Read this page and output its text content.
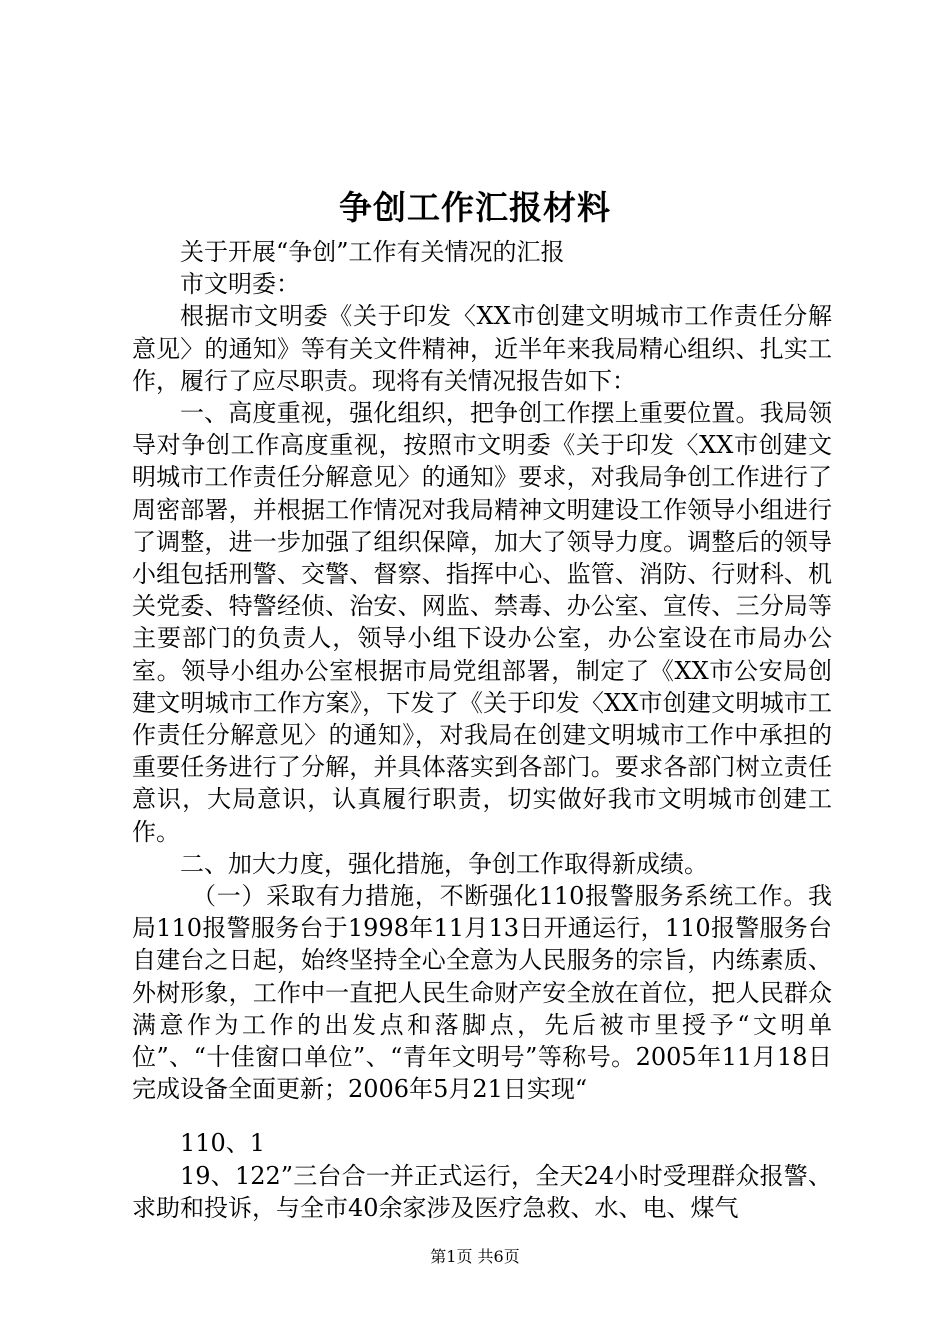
争创工作汇报材料

关于开展“争创”工作有关情况的汇报

市文明委：

根据市文明委《关于印发〈XX市创建文明城市工作责任分解意见〉的通知》等有关文件精神，近半年来我局精心组织、扎实工作，履行了应尽职责。现将有关情况报告如下：

一、高度重视，强化组织，把争创工作摆上重要位置。我局领导对争创工作高度重视，按照市文明委《关于印发〈XX市创建文明城市工作责任分解意见〉的通知》要求，对我局争创工作进行了周密部署，并根据工作情况对我局精神文明建设工作领导小组进行了调整，进一步加强了组织保障，加大了领导力度。调整后的领导小组包括刑警、交警、督察、指挥中心、监管、消防、行财科、机关党委、特警经侦、治安、网监、禁毒、办公室、宣传、三分局等主要部门的负责人，领导小组下设办公室，办公室设在市局办公室。领导小组办公室根据市局党组部署，制定了《XX市公安局创建文明城市工作方案》，下发了《关于印发〈XX市创建文明城市工作责任分解意见〉的通知》，对我局在创建文明城市工作中承担的重要任务进行了分解，并具体落实到各部门。要求各部门树立责任意识，大局意识，认真履行职责，切实做好我市文明城市创建工作。

二、加大力度，强化措施，争创工作取得新成绩。

（一）采取有力措施，不断强化110报警服务系统工作。我局110报警服务台于1998年11月13日开通运行，110报警服务台自建台之日起，始终坚持全心全意为人民服务的宗旨，内练素质、外树形象，工作中一直把人民生命财产安全放在首位，把人民群众满意作为工作的出发点和落脚点，先后被市里授予“文明单位”、“十佳窗口单位”、“青年文明号”等称号。2005年11月18日完成设备全面更新；2006年5月21日实现“

110、1

19、122”三台合一并正式运行，全天24小时受理群众报警、求助和投诉，与全市40余家涉及医疗急救、水、电、煤气

第1页 共6页
